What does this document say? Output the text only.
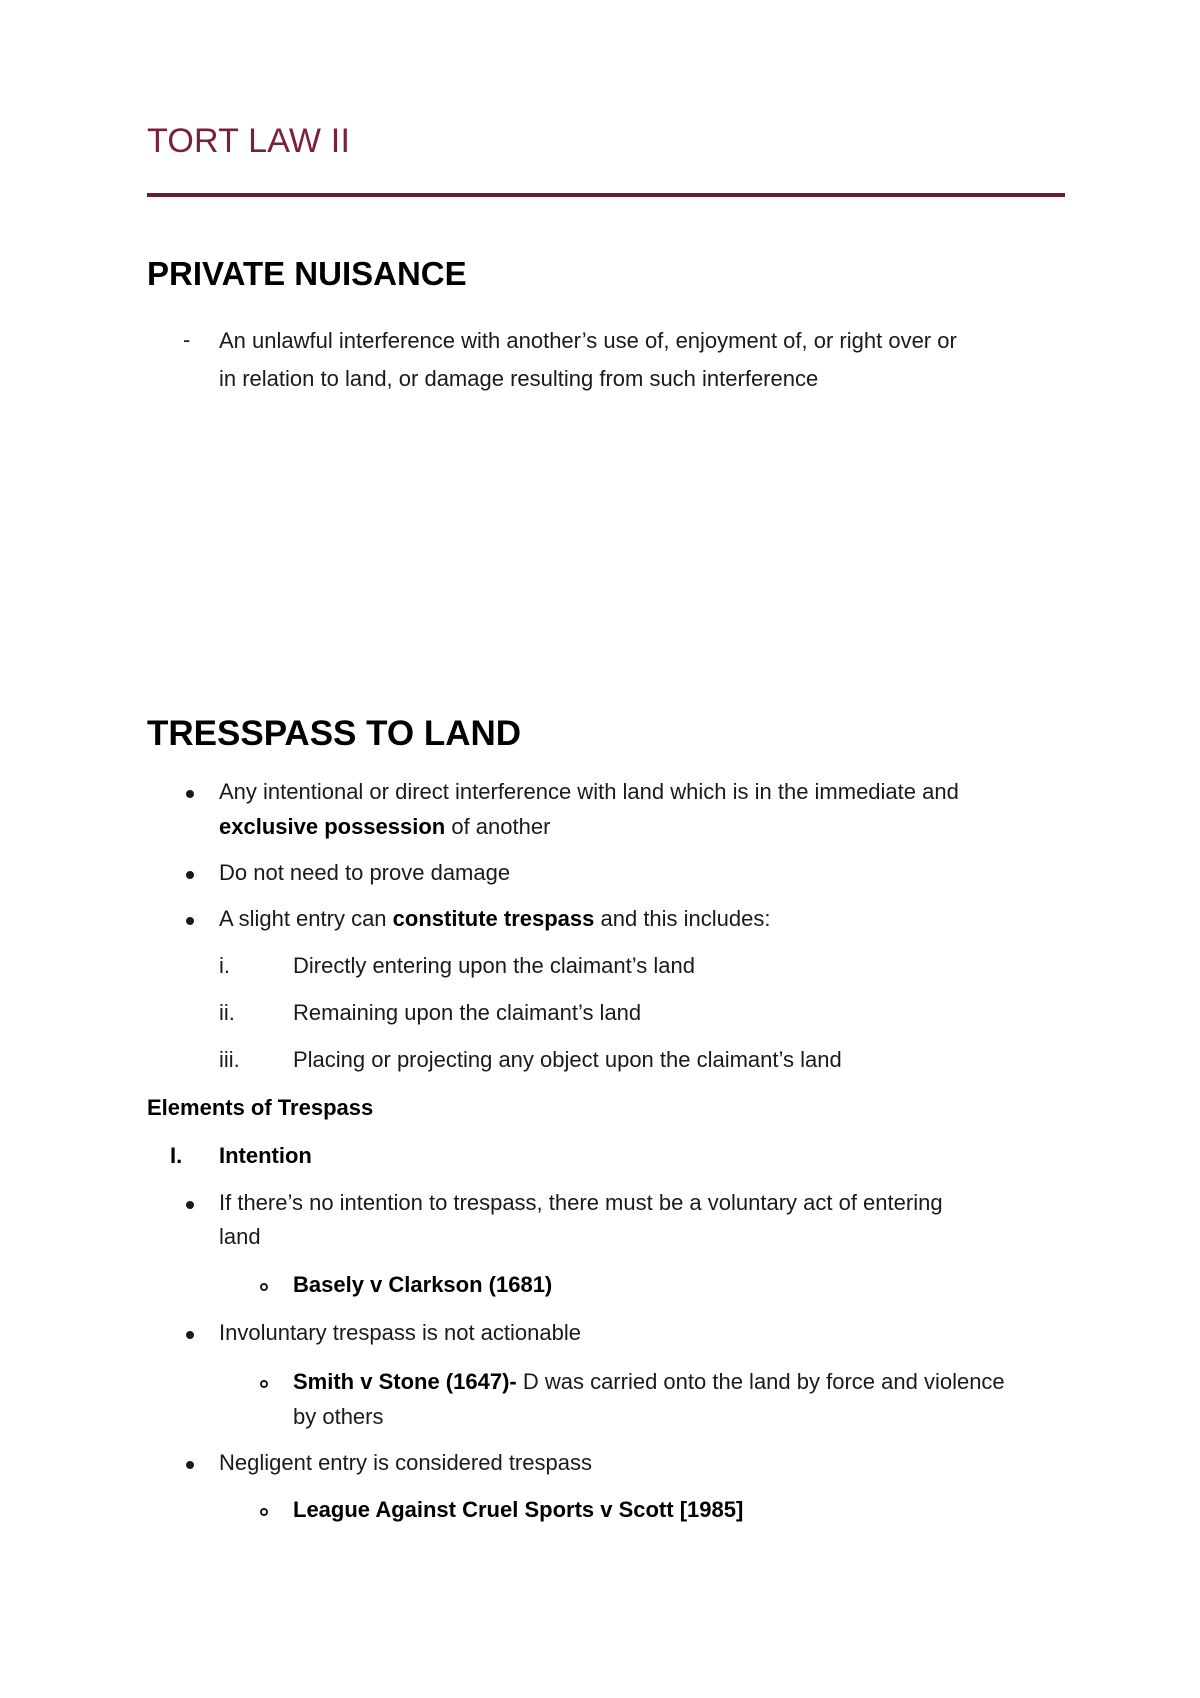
TORT LAW II
PRIVATE NUISANCE
- An unlawful interference with another’s use of, enjoyment of, or right over or
in relation to land, or damage resulting from such interference
TRESSPASS TO LAND
Any intentional or direct interference with land which is in the immediate and
exclusive possession of another
Do not need to prove damage
A slight entry can constitute trespass and this includes:
i.	Directly entering upon the claimant’s land
ii.	Remaining upon the claimant’s land
iii. Placing or projecting any object upon the claimant’s land
Elements of Trespass
I. Intention
If there’s no intention to trespass, there must be a voluntary act of entering
land
Basely v Clarkson (1681)
Involuntary trespass is not actionable
Smith v Stone (1647)- D was carried onto the land by force and violence
by others
Negligent entry is considered trespass
League Against Cruel Sports v Scott [1985]
